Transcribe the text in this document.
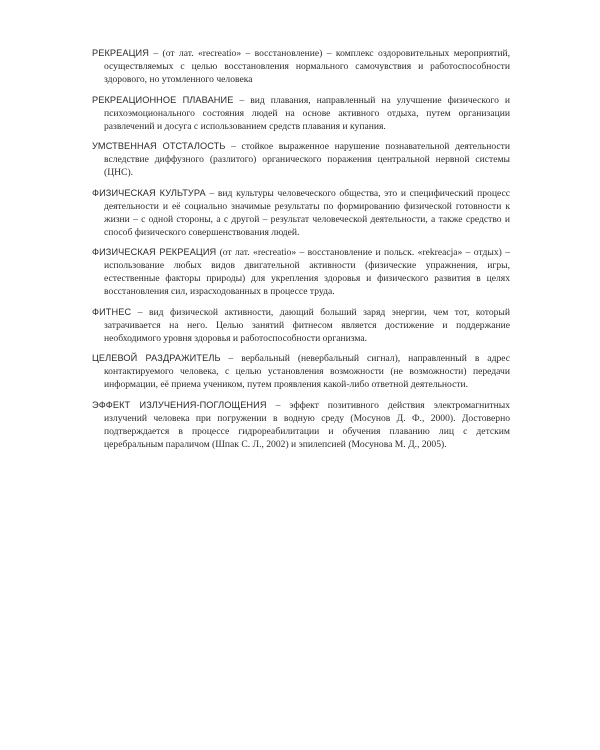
РЕКРЕАЦИЯ – (от лат. «recreatio» – восстановление) – комплекс оздоровительных мероприятий, осуществляемых с целью восстановления нормального самочувствия и работоспособности здорового, но утомленного человека

РЕКРЕАЦИОННОЕ ПЛАВАНИЕ – вид плавания, направленный на улучшение физического и психоэмоционального состояния людей на основе активного отдыха, путем организации развлечений и досуга с использованием средств плавания и купания.

УМСТВЕННАЯ ОТСТАЛОСТЬ – стойкое выраженное нарушение познавательной деятельности вследствие диффузного (разлитого) органического поражения центральной нервной системы (ЦНС).

ФИЗИЧЕСКАЯ КУЛЬТУРА – вид культуры человеческого общества, это и специфический процесс деятельности и её социально значимые результаты по формированию физической готовности к жизни – с одной стороны, а с другой – результат человеческой деятельности, а также средство и способ физического совершенствования людей.

ФИЗИЧЕСКАЯ РЕКРЕАЦИЯ (от лат. «recreatio» – восстановление и польск. «rekreacja» – отдых) – использование любых видов двигательной активности (физические упражнения, игры, естественные факторы природы) для укрепления здоровья и физического развития в целях восстановления сил, израсходованных в процессе труда.

ФИТНЕС – вид физической активности, дающий больший заряд энергии, чем тот, который затрачивается на него. Целью занятий фитнесом является достижение и поддержание необходимого уровня здоровья и работоспособности организма.

ЦЕЛЕВОЙ РАЗДРАЖИТЕЛЬ – вербальный (невербальный сигнал), направленный в адрес контактируемого человека, с целью установления возможности (не возможности) передачи информации, её приема учеником, путем проявления какой-либо ответной деятельности.

ЭФФЕКТ ИЗЛУЧЕНИЯ-ПОГЛОЩЕНИЯ – эффект позитивного действия электромагнитных излучений человека при погружении в водную среду (Мосунов Д. Ф., 2000). Достоверно подтверждается в процессе гидрореабилитации и обучения плаванию лиц с детским церебральным параличом (Шпак С. Л., 2002) и эпилепсией (Мосунова М. Д., 2005).
